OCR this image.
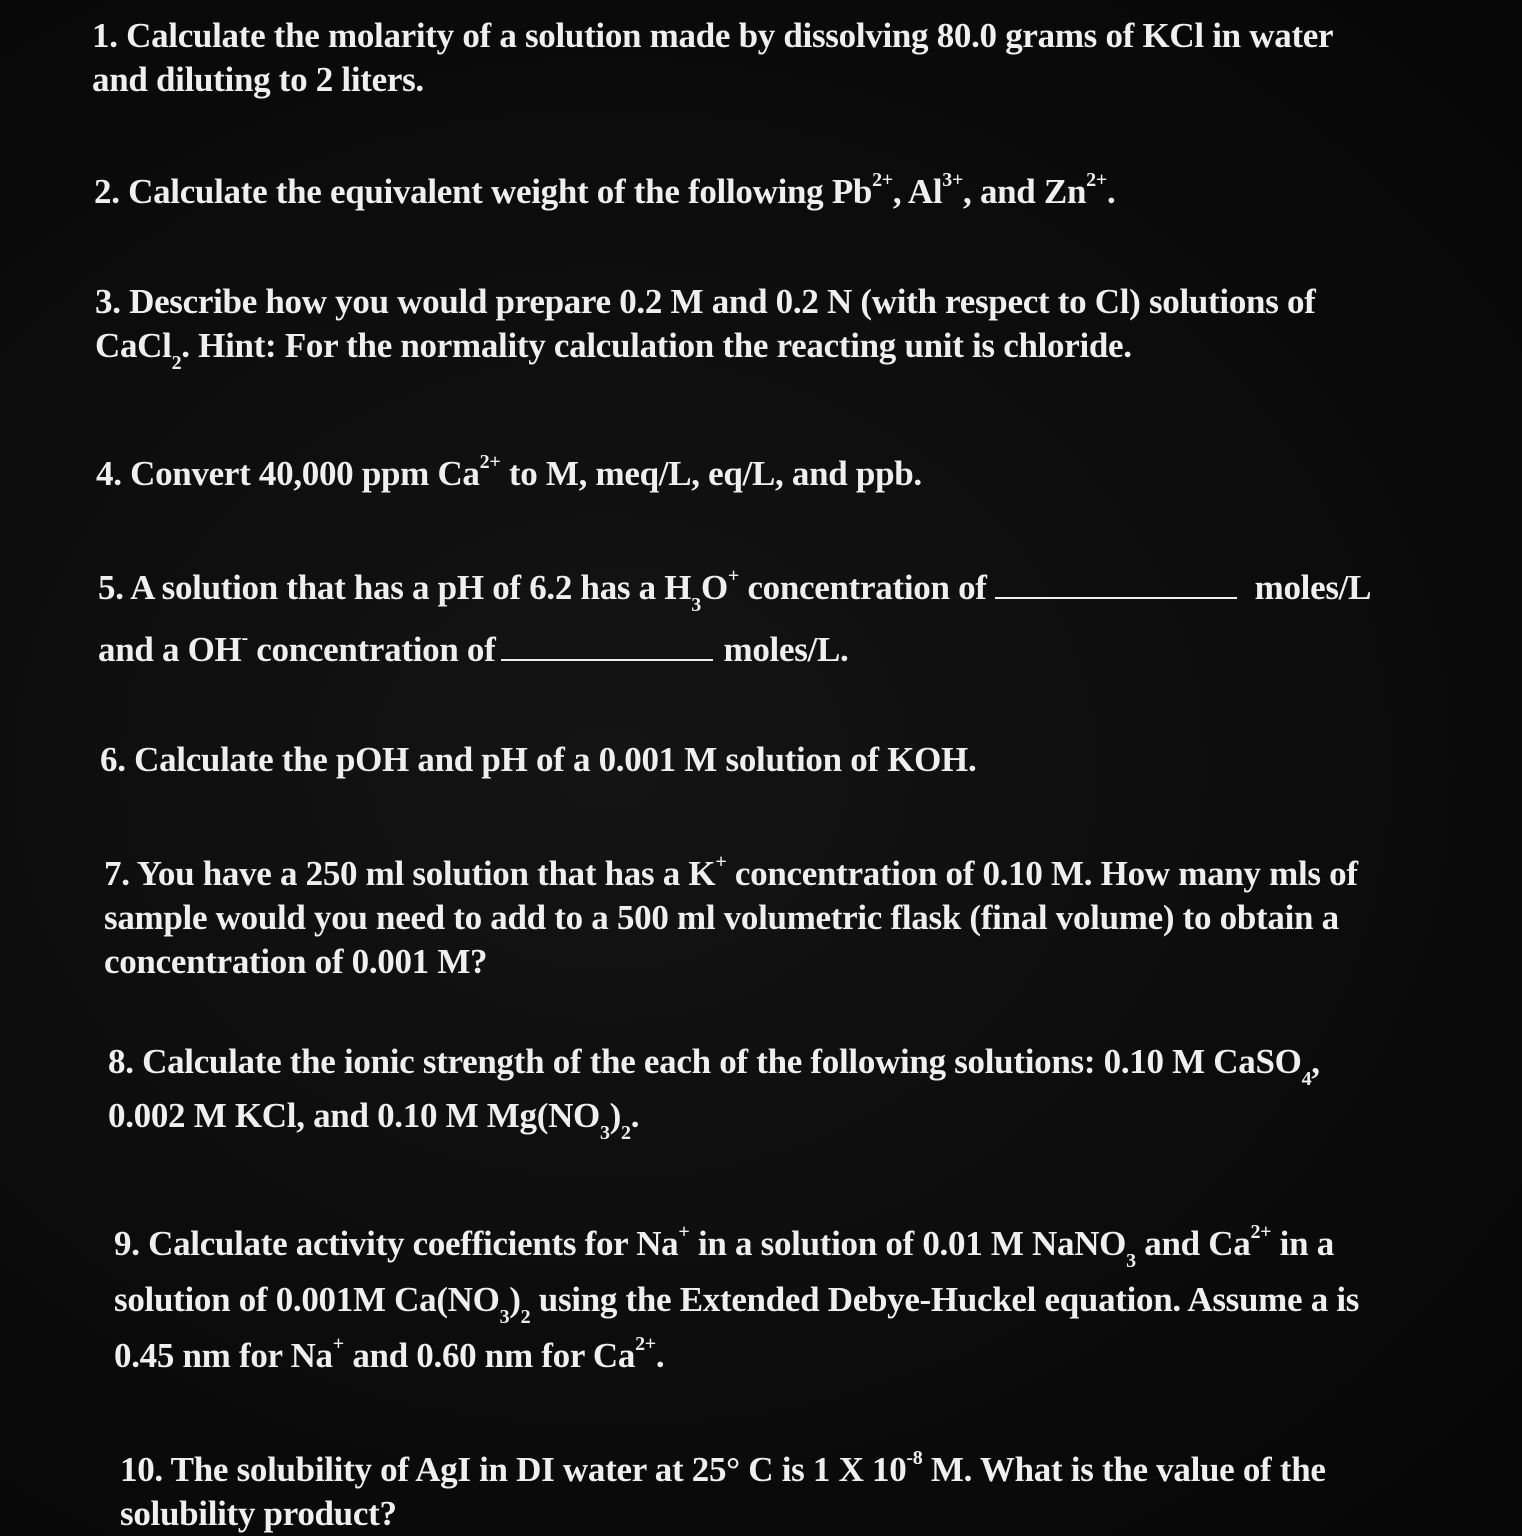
1. Calculate the molarity of a solution made by dissolving 80.0 grams of KCl in water
and diluting to 2 liters.
2. Calculate the equivalent weight of the following $Pb^{2+}$, $Al^{3+}$, and $Zn^{2+}$.
3. Describe how you would prepare 0.2 M and 0.2 N (with respect to Cl) solutions of
CaCl$_2$. Hint: For the normality calculation the reacting unit is chloride.
4. Convert 40,000 ppm $Ca^{2+}$ to M, meq/L, eq/L, and ppb.
5. A solution that has a pH of 6.2 has a $H_3O^+$ concentration of	moles/L
and a OH- concentration of	moles/L.
6. Calculate the pOH and pH of a 0.001 M solution of KOH.
7. You have a 250 ml solution that has a K+ concentration of 0.10 M. How many mls of
sample would you need to add to a 500 ml volumetric flask (final volume) to obtain a
concentration of 0.001 M?
8. Calculate the ionic strength of the each of the following solutions: 0.10 M CaSO$_4$,
0.002 M KCl, and 0.10 M $Mg(NO_3)_2$.
9. Calculate activity coefficients for Na+ in a solution of 0.01 M NaNO$_3$ and $Ca^{2+}$ in a
solution of 0.001M $Ca(NO_3)_2$ using the Extended Debye-Huckel equation. Assume a is
0.45 nm for Na+ and 0.60 nm for $Ca^{2+}$.
10. The solubility of AgI in DI water at 25° C is 1 X $10^{-8}$ M. What is the value of the
solubility product?
